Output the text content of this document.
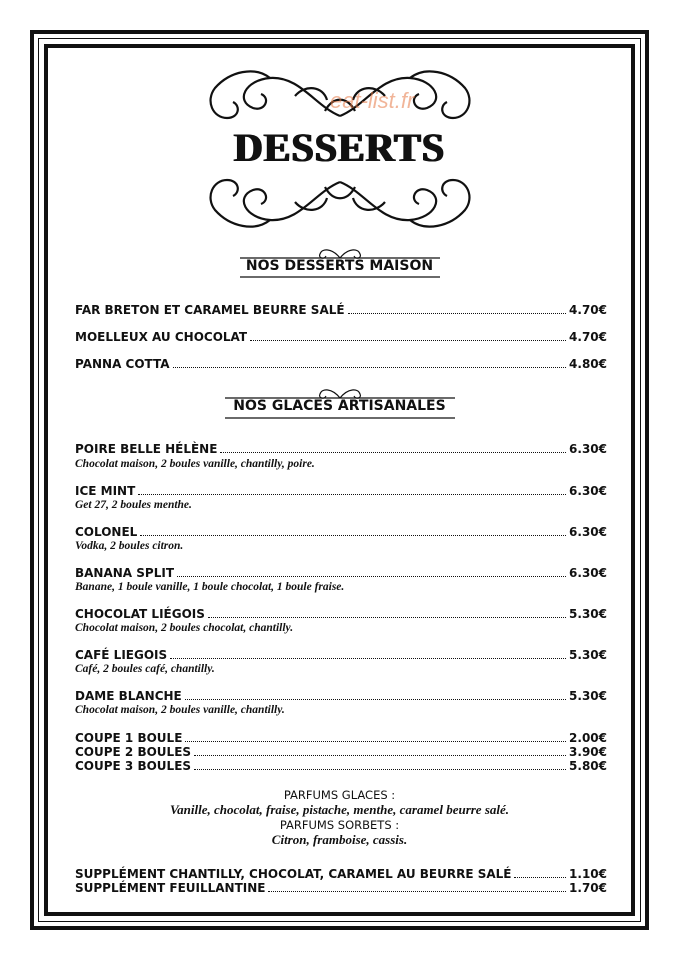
eat-list.fr
DESSERTS
NOS DESSERTS MAISON
FAR BRETON ET CARAMEL BEURRE SALÉ	4.70€
MOELLEUX AU CHOCOLAT	4.70€
PANNA COTTA	4.80€
NOS GLACES ARTISANALES
POIRE BELLE HÉLÈNE	6.30€
Chocolat maison, 2 boules vanille, chantilly, poire.
ICE MINT	6.30€
Get 27, 2 boules menthe.
COLONEL	6.30€
Vodka, 2 boules citron.
BANANA SPLIT	6.30€
Banane, 1 boule vanille, 1 boule chocolat, 1 boule fraise.
CHOCOLAT LIÉGOIS	5.30€
Chocolat maison, 2 boules chocolat, chantilly.
CAFÉ LIEGOIS	5.30€
Café, 2 boules café, chantilly.
DAME BLANCHE	5.30€
Chocolat maison, 2 boules vanille, chantilly.
COUPE 1 BOULE	2.00€
COUPE 2 BOULES	3.90€
COUPE 3 BOULES	5.80€
PARFUMS GLACES :
Vanille, chocolat, fraise, pistache, menthe, caramel beurre salé.
PARFUMS SORBETS :
Citron, framboise, cassis.
SUPPLÉMENT CHANTILLY, CHOCOLAT, CARAMEL AU BEURRE SALÉ	1.10€
SUPPLÉMENT FEUILLANTINE	1.70€
